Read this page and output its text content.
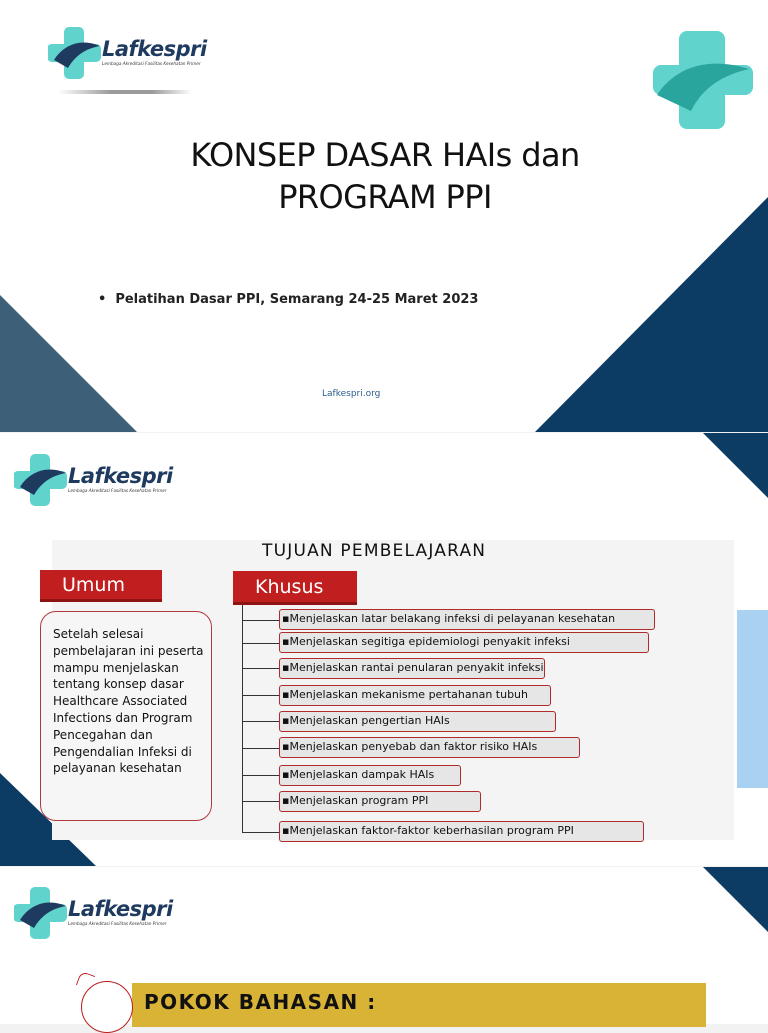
Lafkespri
Lembaga Akreditasi Fasilitas Kesehatan Primer
KONSEP DASAR HAIs dan
PROGRAM PPI
• Pelatihan Dasar PPI, Semarang 24-25 Maret 2023
Lafkespri.org
Lafkespri
Lembaga Akreditasi Fasilitas Kesehatan Primer
TUJUAN PEMBELAJARAN
Umum
Setelah selesai pembelajaran ini peserta mampu menjelaskan tentang konsep dasar Healthcare Associated Infections dan Program Pencegahan dan Pengendalian Infeksi di pelayanan kesehatan
Khusus
▪ Menjelaskan latar belakang infeksi di pelayanan kesehatan
▪ Menjelaskan segitiga epidemiologi penyakit infeksi
▪ Menjelaskan rantai penularan penyakit infeksi
▪ Menjelaskan mekanisme pertahanan tubuh
▪ Menjelaskan pengertian HAIs
▪ Menjelaskan penyebab dan faktor risiko HAIs
▪ Menjelaskan dampak HAIs
▪ Menjelaskan program PPI
▪ Menjelaskan faktor-faktor keberhasilan program PPI
Lafkespri
Lembaga Akreditasi Fasilitas Kesehatan Primer
POKOK BAHASAN :
